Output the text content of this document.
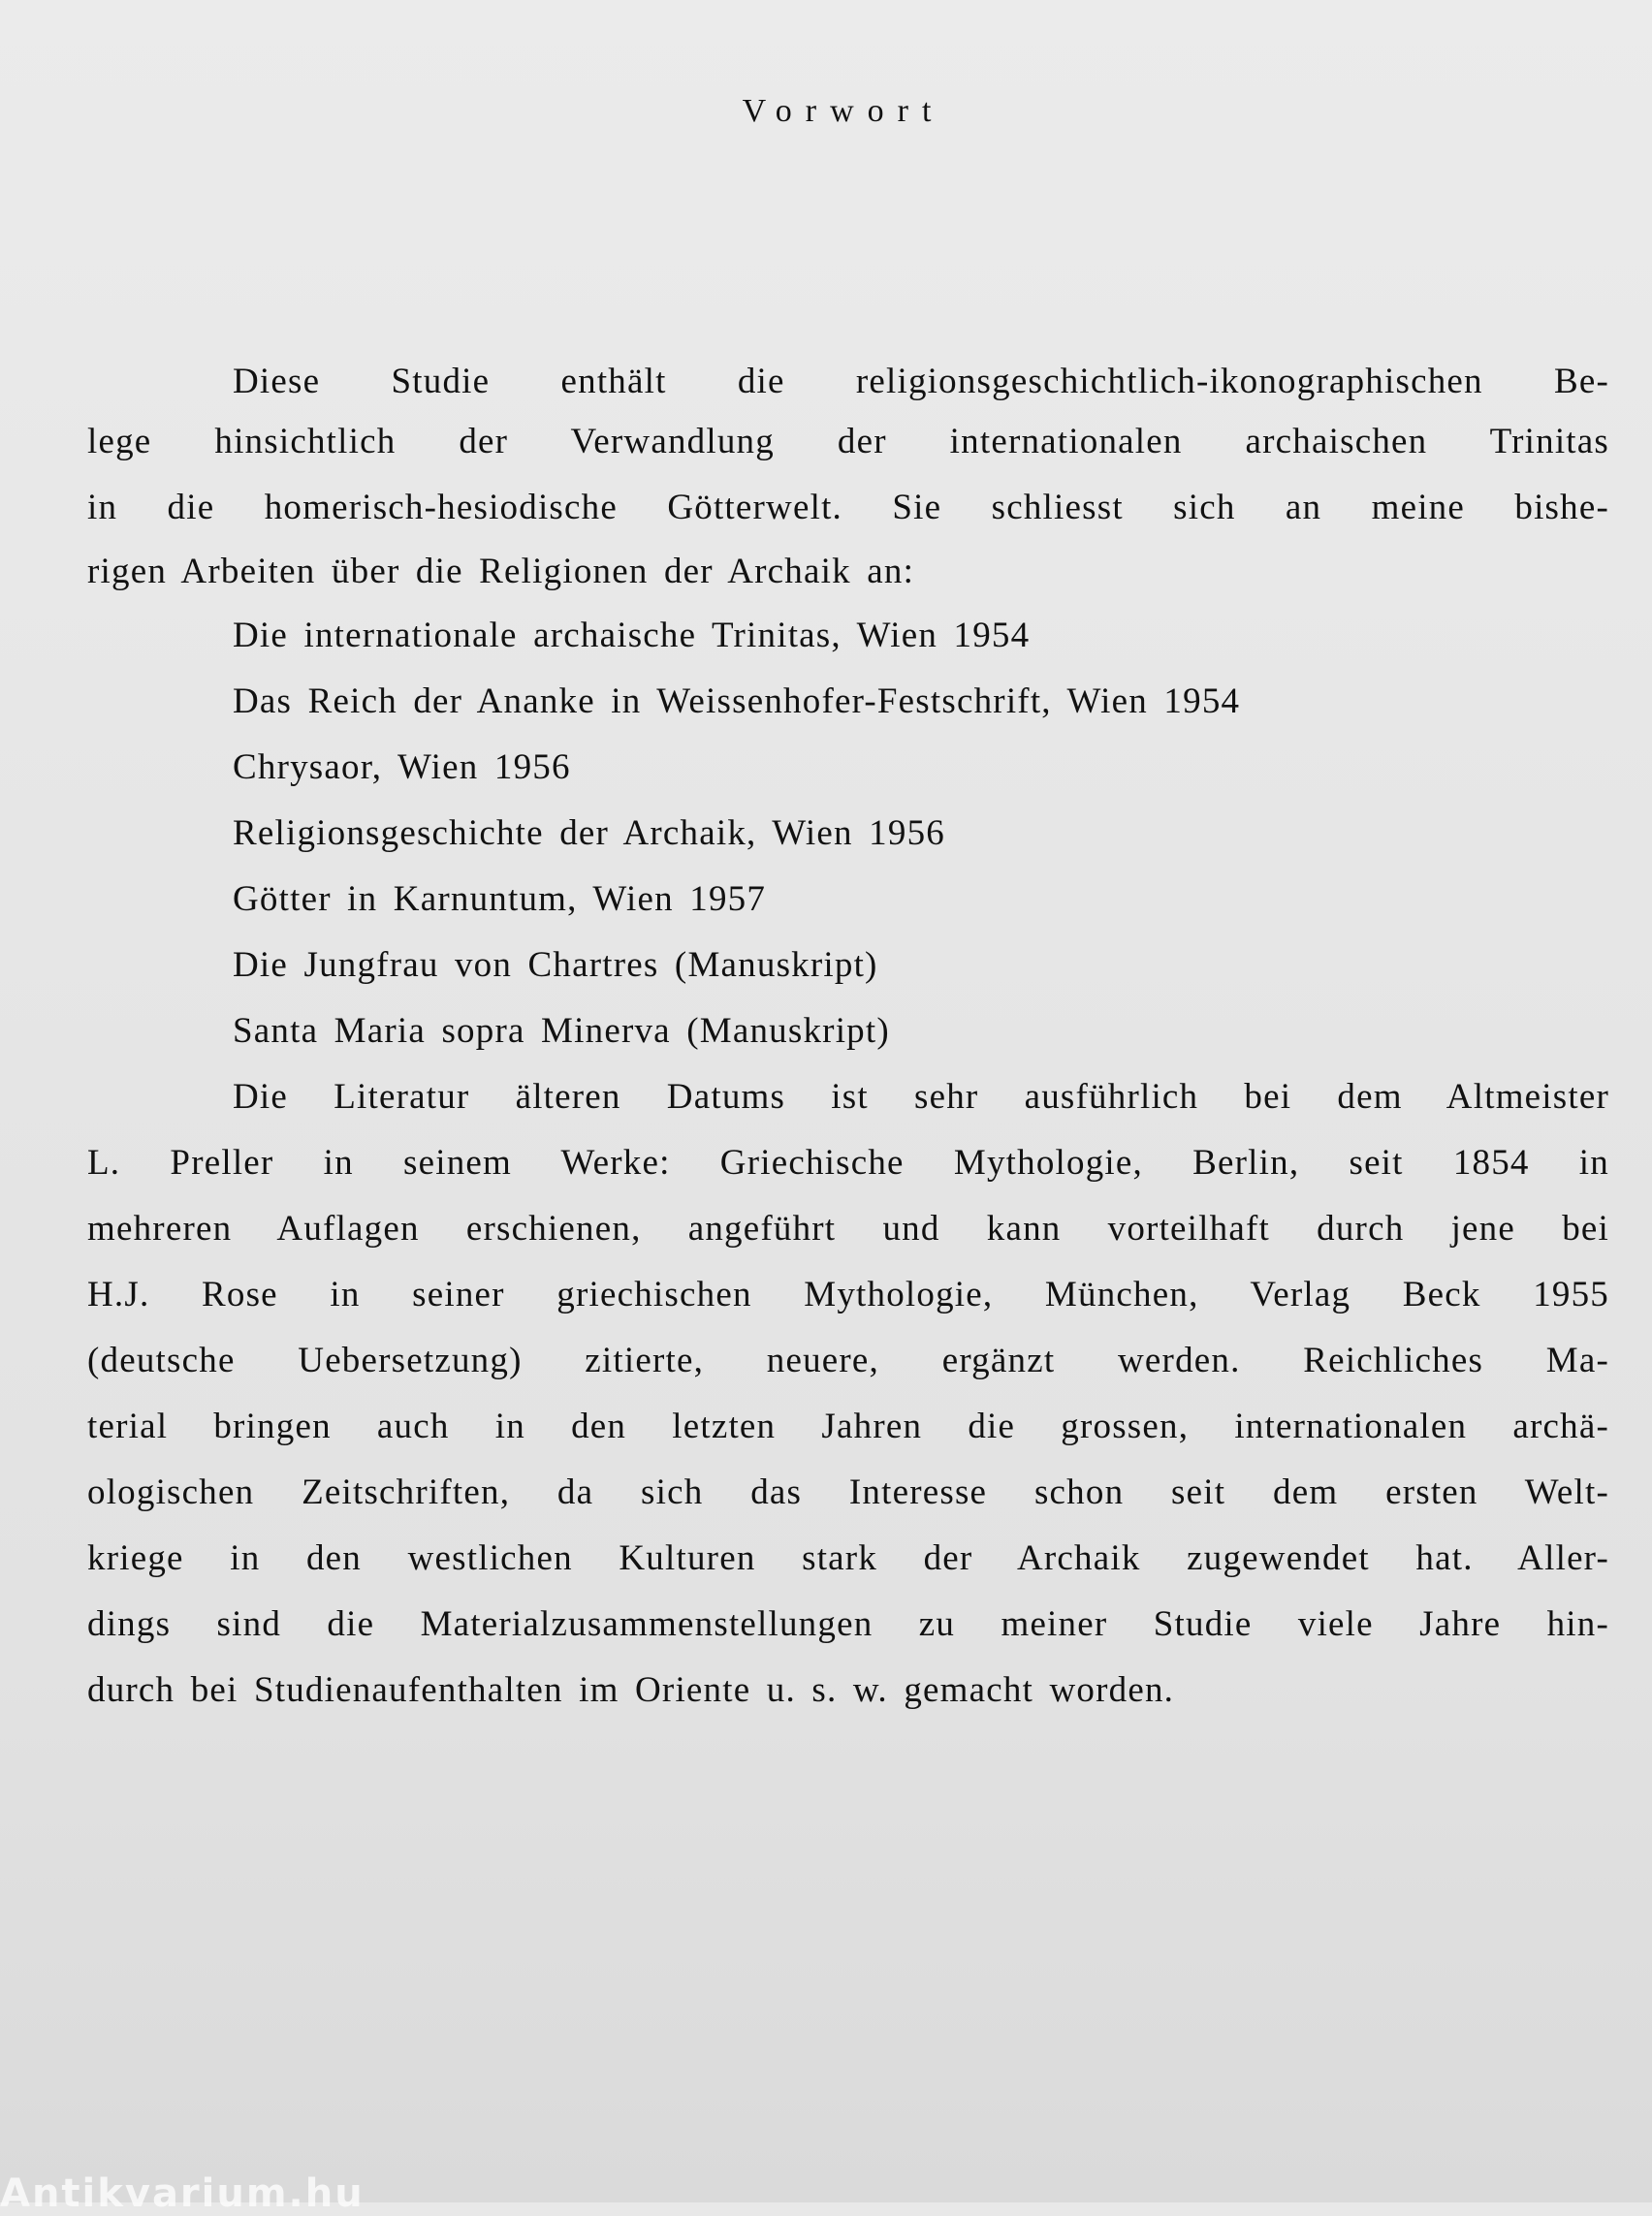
Vorwort
Diese Studie enthält die religionsgeschichtlich-ikonographischen Be-
lege hinsichtlich der Verwandlung der internationalen archaischen Trinitas
in die homerisch-hesiodische Götterwelt. Sie schliesst sich an meine bishe-
rigen Arbeiten über die Religionen der Archaik an:
Die internationale archaische Trinitas, Wien 1954
Das Reich der Ananke in Weissenhofer-Festschrift, Wien 1954
Chrysaor, Wien 1956
Religionsgeschichte der Archaik, Wien 1956
Götter in Karnuntum, Wien 1957
Die Jungfrau von Chartres (Manuskript)
Santa Maria sopra Minerva (Manuskript)
Die Literatur älteren Datums ist sehr ausführlich bei dem Altmeister
L. Preller in seinem Werke: Griechische Mythologie, Berlin, seit 1854 in
mehreren Auflagen erschienen, angeführt und kann vorteilhaft durch jene bei
H.J. Rose in seiner griechischen Mythologie, München, Verlag Beck 1955
(deutsche Uebersetzung) zitierte, neuere, ergänzt werden. Reichliches Ma-
terial bringen auch in den letzten Jahren die grossen, internationalen archä-
ologischen Zeitschriften, da sich das Interesse schon seit dem ersten Welt-
kriege in den westlichen Kulturen stark der Archaik zugewendet hat. Aller-
dings sind die Materialzusammenstellungen zu meiner Studie viele Jahre hin-
durch bei Studienaufenthalten im Oriente u. s. w. gemacht worden.
Antikvarium.hu
